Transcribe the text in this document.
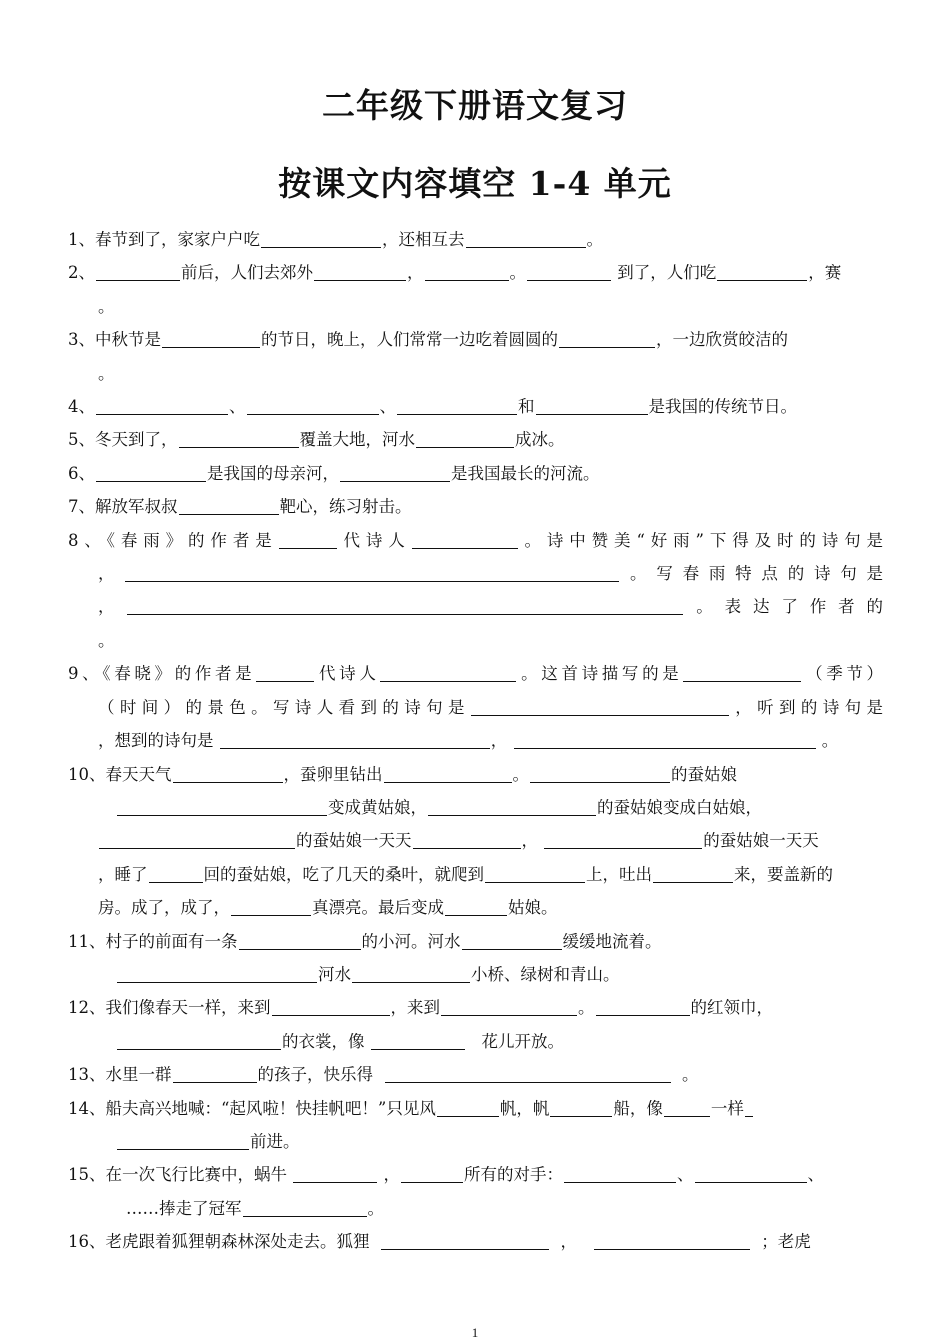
二年级下册语文复习
按课文内容填空 1-4 单元
1、春节到了，家家户户吃	，还相互去	。
2、	前后，人们去郊外	，	。	到了，人们吃	，赛
。
3、中秋节是	的节日，晚上，人们常常一边吃着圆圆的	，一边欣赏皎洁的
。
4、	、	、	和	是我国的传统节日。
5、冬天到了，	覆盖大地，河水	成冰。
6、	是我国的母亲河，	是我国最长的河流。
7、解放军叔叔	靶心，练习射击。
8、《春雨》的作者是	代诗人	。诗中赞美“好雨”下得及时的诗句是
，	。写春雨特点的诗句是
，	。表达了作者的
。
9、《春晓》的作者是	代诗人	。这首诗描写的是	（季节）
（时间）的景色。写诗人看到的诗句是	，听到的诗句是
，想到的诗句是	，	。
10、春天天气	，蚕卵里钻出	。	的蚕姑娘
变成黄姑娘，	的蚕姑娘变成白姑娘，
的蚕姑娘一天天	，	的蚕姑娘一天天
，睡了	回的蚕姑娘，吃了几天的桑叶，就爬到	上，吐出	来，要盖新的
房。成了，成了，	真漂亮。最后变成	姑娘。
11、村子的前面有一条	的小河。河水	缓缓地流着。
河水	小桥、绿树和青山。
12、我们像春天一样，来到	，来到	。	的红领巾，
的衣裳，像	花儿开放。
13、水里一群	的孩子，快乐得	。
14、船夫高兴地喊：“起风啦！快挂帆吧！”只见风	帆，帆	船，像	一样
前进。
15、在一次飞行比赛中，蜗牛	，	所有的对手：	、	、
……捧走了冠军	。
16、老虎跟着狐狸朝森林深处走去。狐狸	，	；老虎
1
